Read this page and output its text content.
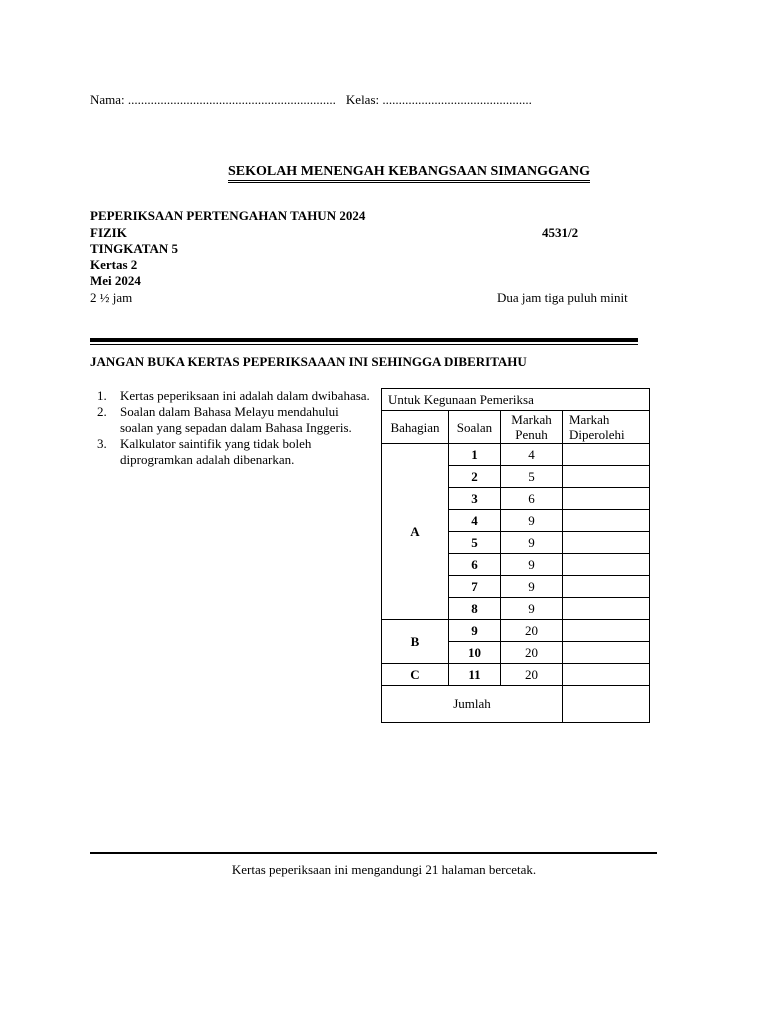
Nama: ................................................................ Kelas: ..............................................
SEKOLAH MENENGAH KEBANGSAAN SIMANGGANG
PEPERIKSAAN PERTENGAHAN TAHUN 2024
FIZIK	4531/2
TINGKATAN 5
Kertas 2
Mei 2024
2 ½ jam	Dua jam tiga puluh minit
JANGAN BUKA KERTAS PEPERIKSAAAN INI SEHINGGA DIBERITAHU
1. Kertas peperiksaan ini adalah dalam dwibahasa.
2. Soalan dalam Bahasa Melayu mendahului soalan yang sepadan dalam Bahasa Inggeris.
3. Kalkulator saintifik yang tidak boleh diprogramkan adalah dibenarkan.
Untuk Kegunaan Pemeriksa			
Bahagian	Soalan	Markah Penuh	Markah Diperolehi
A	1	4	
	2	5	
	3	6	
	4	9	
	5	9	
	6	9	
	7	9	
	8	9	
B	9	20	
	10	20	
C	11	20	
Jumlah			
Kertas peperiksaan ini mengandungi 21 halaman bercetak.
